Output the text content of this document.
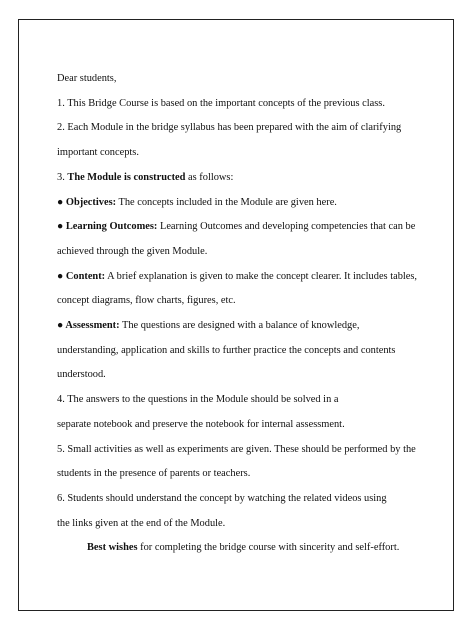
Dear students,
1. This Bridge Course is based on the important concepts of the previous class.
2. Each Module in the bridge syllabus has been prepared with the aim of clarifying
important concepts.
3. The Module is constructed as follows:
● Objectives: The concepts included in the Module are given here.
● Learning Outcomes: Learning Outcomes and developing competencies that can be
achieved through the given Module.
● Content: A brief explanation is given to make the concept clearer. It includes tables,
concept diagrams, flow charts, figures, etc.
● Assessment: The questions are designed with a balance of knowledge,
understanding, application and skills to further practice the concepts and contents
understood.
4. The answers to the questions in the Module should be solved in a
separate notebook and preserve the notebook for internal assessment.
5. Small activities as well as experiments are given. These should be performed by the
students in the presence of parents or teachers.
6. Students should understand the concept by watching the related videos using
the links given at the end of the Module.
Best wishes for completing the bridge course with sincerity and self-effort.
